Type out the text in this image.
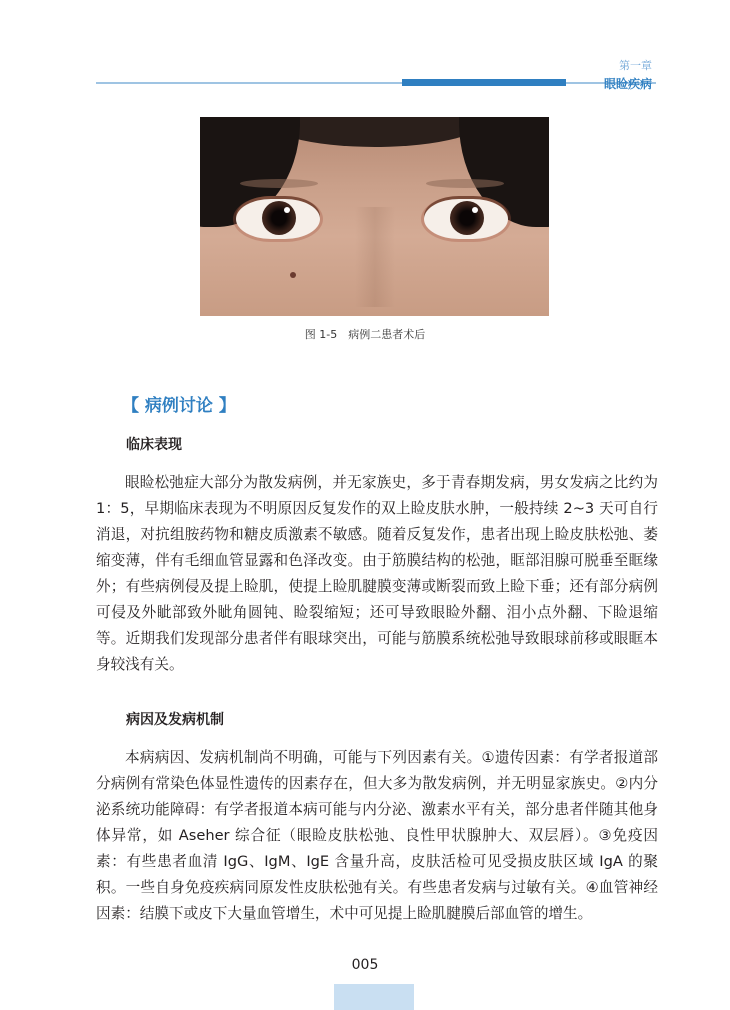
第一章
眼睑疾病
图 1-5　病例二患者术后
【 病例讨论 】
临床表现

眼睑松弛症大部分为散发病例，并无家族史，多于青春期发病，男女发病之比约为 1：5，早期临床表现为不明原因反复发作的双上睑皮肤水肿，一般持续 2~3 天可自行消退，对抗组胺药物和糖皮质激素不敏感。随着反复发作，患者出现上睑皮肤松弛、萎缩变薄，伴有毛细血管显露和色泽改变。由于筋膜结构的松弛，眶部泪腺可脱垂至眶缘外；有些病例侵及提上睑肌，使提上睑肌腱膜变薄或断裂而致上睑下垂；还有部分病例可侵及外眦部致外眦角圆钝、睑裂缩短；还可导致眼睑外翻、泪小点外翻、下睑退缩等。近期我们发现部分患者伴有眼球突出，可能与筋膜系统松弛导致眼球前移或眼眶本身较浅有关。

病因及发病机制

本病病因、发病机制尚不明确，可能与下列因素有关。①遗传因素：有学者报道部分病例有常染色体显性遗传的因素存在，但大多为散发病例，并无明显家族史。②内分泌系统功能障碍：有学者报道本病可能与内分泌、激素水平有关，部分患者伴随其他身体异常，如 Aseher 综合征（眼睑皮肤松弛、良性甲状腺肿大、双层唇）。③免疫因素：有些患者血清 IgG、IgM、IgE 含量升高，皮肤活检可见受损皮肤区域 IgA 的聚积。一些自身免疫疾病同原发性皮肤松弛有关。有些患者发病与过敏有关。④血管神经因素：结膜下或皮下大量血管增生，术中可见提上睑肌腱膜后部血管的增生。

005
